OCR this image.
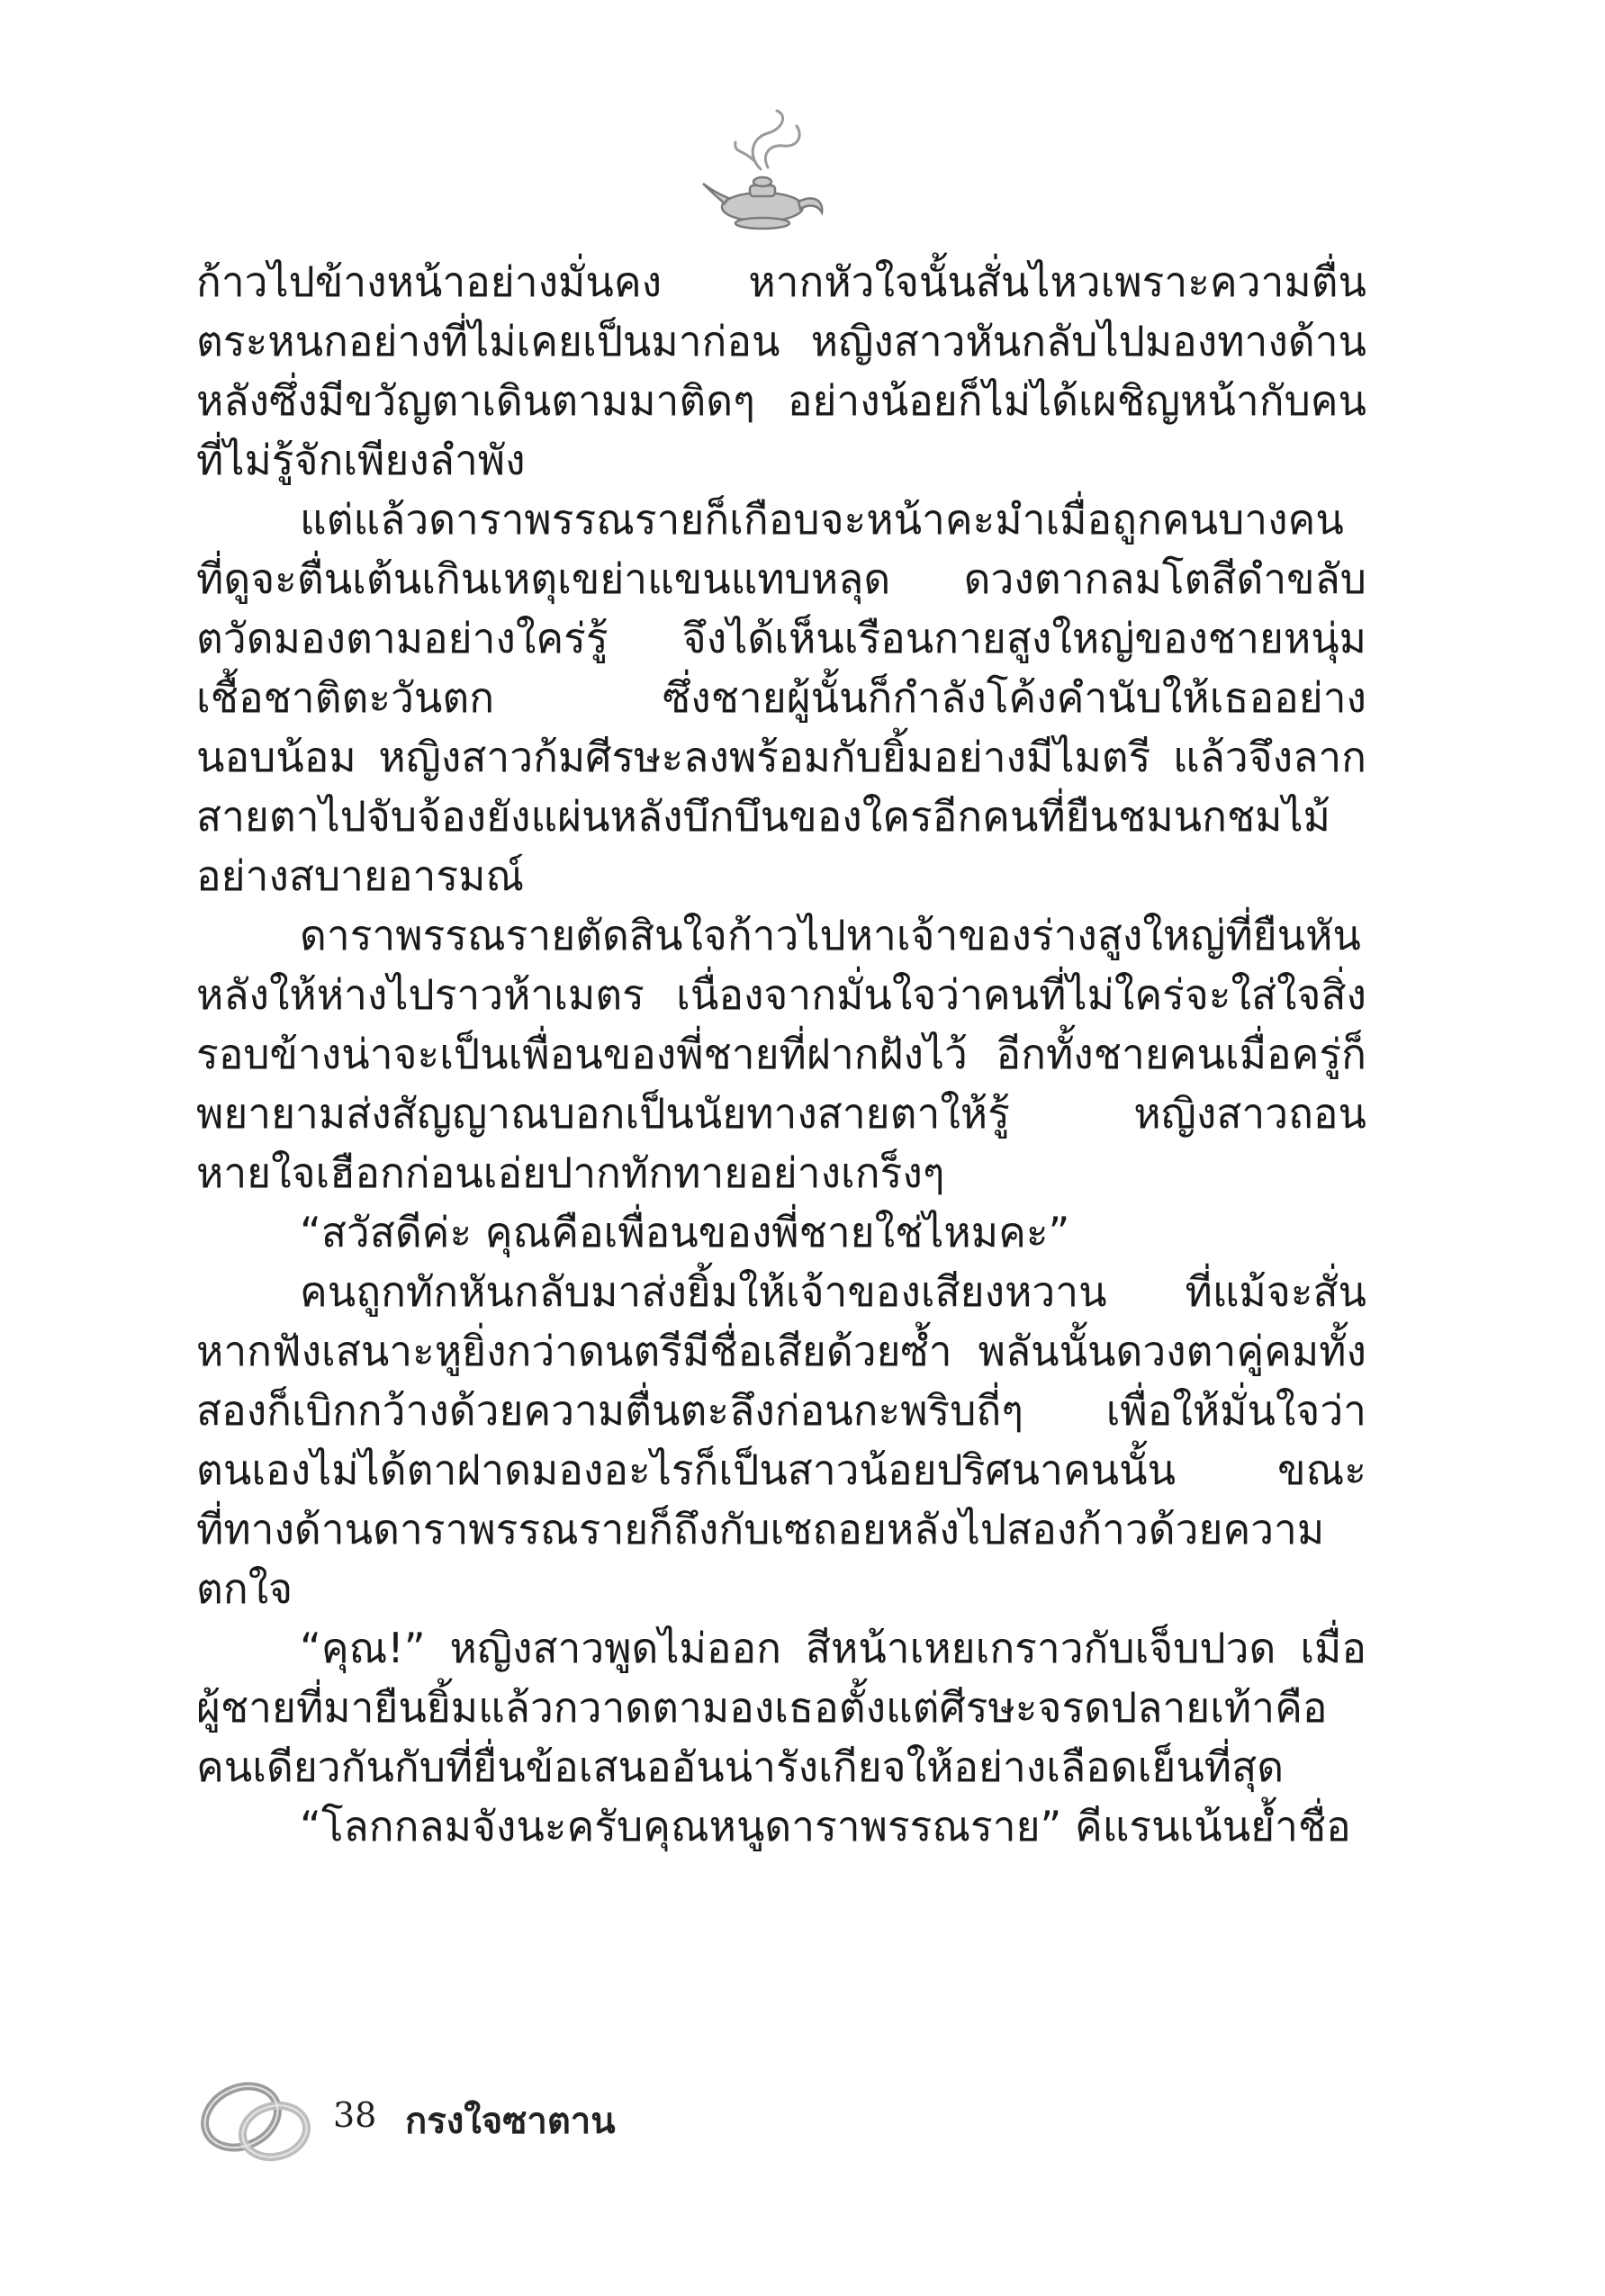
ก้าวไปข้างหน้าอย่างมั่นคง หากหัวใจนั้นสั่นไหวเพราะความตื่นตระหนกอย่างที่ไม่เคยเป็นมาก่อน หญิงสาวหันกลับไปมองทางด้านหลังซึ่งมีขวัญตาเดินตามมาติดๆ อย่างน้อยก็ไม่ได้เผชิญหน้ากับคนที่ไม่รู้จักเพียงลำพัง

แต่แล้วดาราพรรณรายก็เกือบจะหน้าคะมำเมื่อถูกคนบางคนที่ดูจะตื่นเต้นเกินเหตุเขย่าแขนแทบหลุด ดวงตากลมโตสีดำขลับตวัดมองตามอย่างใคร่รู้ จึงได้เห็นเรือนกายสูงใหญ่ของชายหนุ่มเชื้อชาติตะวันตก ซึ่งชายผู้นั้นก็กำลังโค้งคำนับให้เธออย่างนอบน้อม หญิงสาวก้มศีรษะลงพร้อมกับยิ้มอย่างมีไมตรี แล้วจึงลากสายตาไปจับจ้องยังแผ่นหลังบึกบึนของใครอีกคนที่ยืนชมนกชมไม้อย่างสบายอารมณ์

ดาราพรรณรายตัดสินใจก้าวไปหาเจ้าของร่างสูงใหญ่ที่ยืนหันหลังให้ห่างไปราวห้าเมตร เนื่องจากมั่นใจว่าคนที่ไม่ใคร่จะใส่ใจสิ่งรอบข้างน่าจะเป็นเพื่อนของพี่ชายที่ฝากฝังไว้ อีกทั้งชายคนเมื่อครู่ก็พยายามส่งสัญญาณบอกเป็นนัยทางสายตาให้รู้ หญิงสาวถอนหายใจเฮือกก่อนเอ่ยปากทักทายอย่างเกร็งๆ

“สวัสดีค่ะ คุณคือเพื่อนของพี่ชายใช่ไหมคะ”

คนถูกทักหันกลับมาส่งยิ้มให้เจ้าของเสียงหวาน ที่แม้จะสั่นหากฟังเสนาะหูยิ่งกว่าดนตรีมีชื่อเสียด้วยซ้ำ พลันนั้นดวงตาคู่คมทั้งสองก็เบิกกว้างด้วยความตื่นตะลึงก่อนกะพริบถี่ๆ เพื่อให้มั่นใจว่าตนเองไม่ได้ตาฝาดมองอะไรก็เป็นสาวน้อยปริศนาคนนั้น ขณะที่ทางด้านดาราพรรณรายก็ถึงกับเซถอยหลังไปสองก้าวด้วยความตกใจ

“คุณ!” หญิงสาวพูดไม่ออก สีหน้าเหยเกราวกับเจ็บปวด เมื่อผู้ชายที่มายืนยิ้มแล้วกวาดตามองเธอตั้งแต่ศีรษะจรดปลายเท้าคือคนเดียวกันกับที่ยื่นข้อเสนออันน่ารังเกียจให้อย่างเลือดเย็นที่สุด

“โลกกลมจังนะครับคุณหนูดาราพรรณราย” คีแรนเน้นย้ำชื่อ

38 กรงใจซาตาน
